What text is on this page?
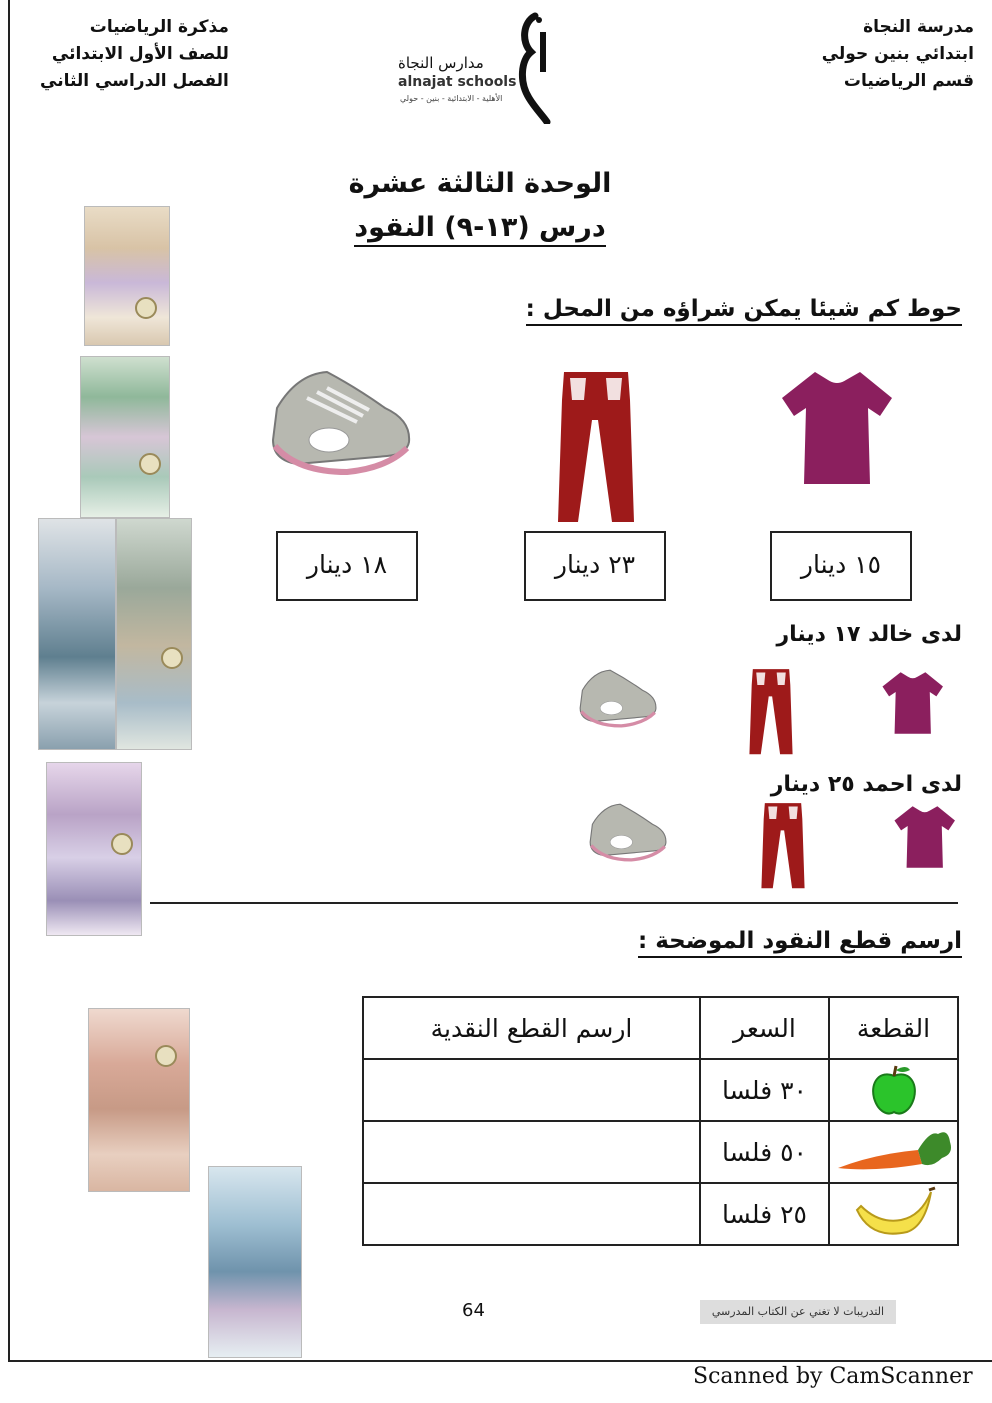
مدرسة النجاة
ابتدائي بنين حولي
قسم الرياضيات
مذكرة الرياضيات
للصف الأول الابتدائي
الفصل الدراسي الثاني
مدارس النجاة
alnajat schools
الأهلية - الابتدائية - بنين - حولي
الوحدة الثالثة عشرة
درس (١٣-٩) النقود
حوط كم شيئا يمكن شراؤه من المحل :
١٥ دينار
٢٣ دينار
١٨ دينار
لدى خالد ١٧ دينار
لدى احمد ٢٥ دينار
ارسم قطع النقود الموضحة :
القطعة	السعر	ارسم القطع النقدية
	٣٠ فلسا	
	٥٠ فلسا	
	٢٥ فلسا	
64	التدريبات لا تغني عن الكتاب المدرسي
Scanned by CamScanner
